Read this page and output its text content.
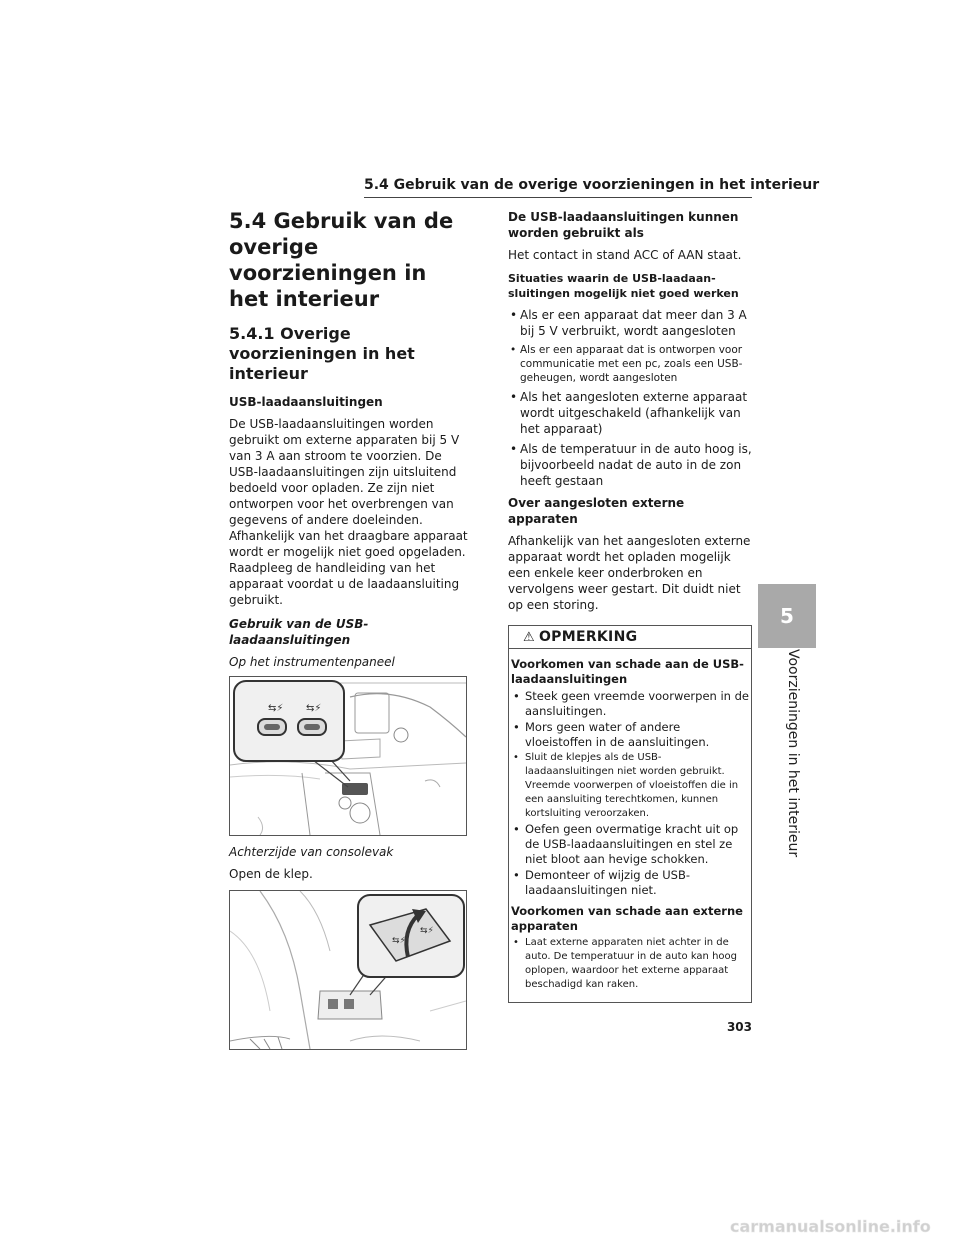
5.4 Gebruik van de overige voorzieningen in het interieur
5
Voorzieningen in het interieur
5.4 Gebruik van de overige voorzieningen in het interieur
5.4.1 Overige voorzieningen in het interieur
USB-laadaansluitingen
De USB-laadaansluitingen worden gebruikt om externe apparaten bij 5 V van 3 A aan stroom te voorzien. De USB-laadaansluitingen zijn uitsluitend bedoeld voor opladen. Ze zijn niet ontworpen voor het overbrengen van gegevens of andere doeleinden. Afhankelijk van het draagbare apparaat wordt er mogelijk niet goed opgeladen. Raadpleeg de handleiding van het apparaat voordat u de laadaansluiting gebruikt.
Gebruik van de USB-laadaansluitingen
Op het instrumentenpaneel
⇆⚡ ⇆⚡
Achterzijde van consolevak
Open de klep.
⇆⚡
⇆⚡
De USB-laadaansluitingen kunnen worden gebruikt als
Het contact in stand ACC of AAN staat.
Situaties waarin de USB-laadaan-sluitingen mogelijk niet goed werken
• Als er een apparaat dat meer dan 3 A bij 5 V verbruikt, wordt aangesloten
• Als er een apparaat dat is ontworpen voor communicatie met een pc, zoals een USB-geheugen, wordt aangesloten
• Als het aangesloten externe apparaat wordt uitgeschakeld (afhankelijk van het apparaat)
• Als de temperatuur in de auto hoog is, bijvoorbeeld nadat de auto in de zon heeft gestaan
Over aangesloten externe apparaten
Afhankelijk van het aangesloten externe apparaat wordt het opladen mogelijk een enkele keer onderbroken en vervolgens weer gestart. Dit duidt niet op een storing.
⚠ OPMERKING
Voorkomen van schade aan de USB-laadaansluitingen
• Steek geen vreemde voorwerpen in de aansluitingen.
• Mors geen water of andere vloeistoffen in de aansluitingen.
• Sluit de klepjes als de USB-laadaansluitingen niet worden gebruikt. Vreemde voorwerpen of vloeistoffen die in een aansluiting terechtkomen, kunnen kortsluiting veroorzaken.
• Oefen geen overmatige kracht uit op de USB-laadaansluitingen en stel ze niet bloot aan hevige schokken.
• Demonteer of wijzig de USB-laadaansluitingen niet.
Voorkomen van schade aan externe apparaten
• Laat externe apparaten niet achter in de auto. De temperatuur in de auto kan hoog oplopen, waardoor het externe apparaat beschadigd kan raken.
303
carmanualsonline.info
